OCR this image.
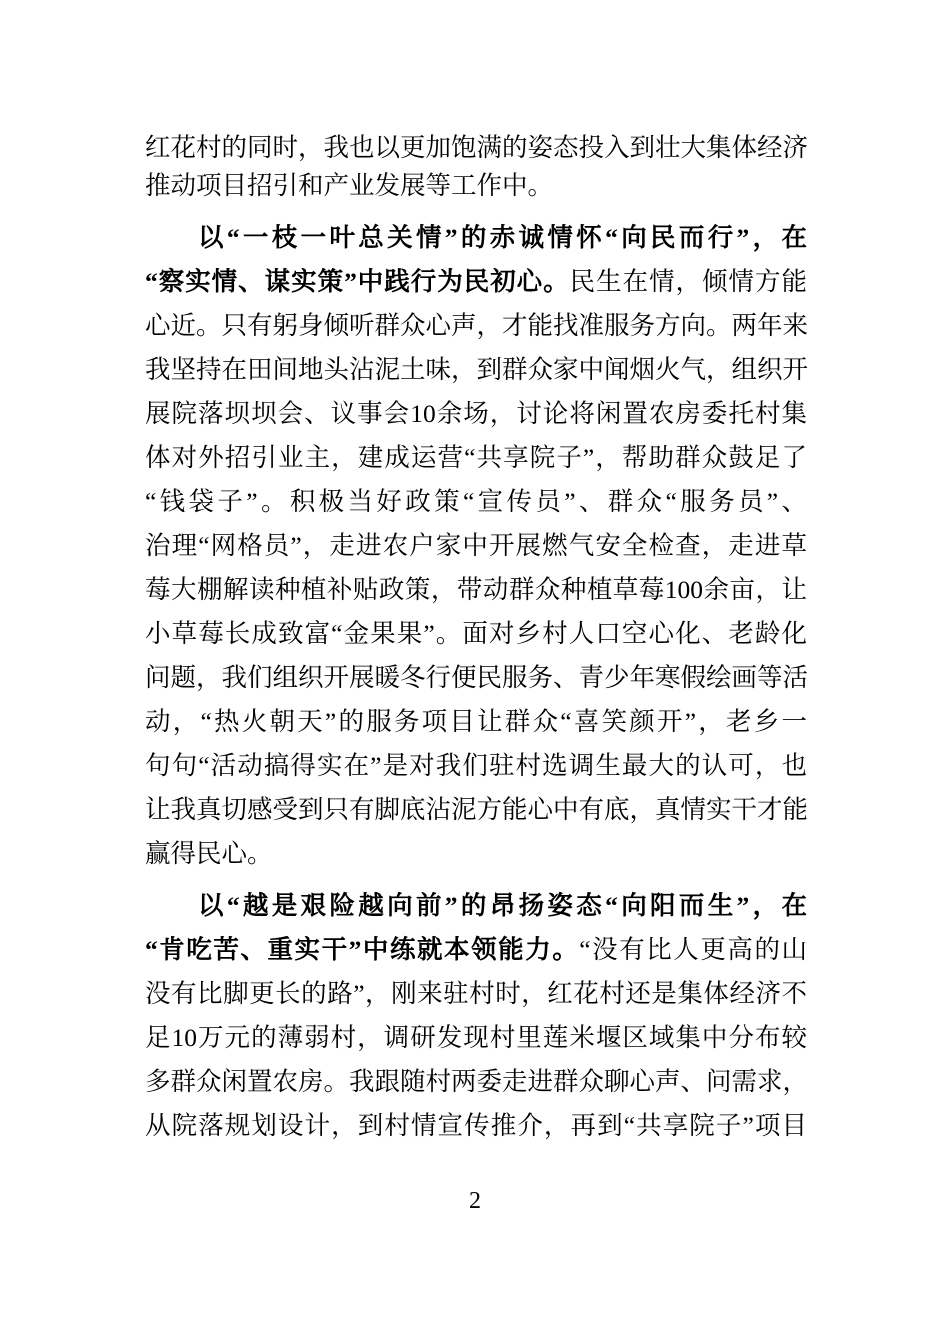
红花村的同时，我也以更加饱满的姿态投入到壮大集体经济
推动项目招引和产业发展等工作中。
以“一枝一叶总关情”的赤诚情怀“向民而行”，在
“察实情、谋实策”中践行为民初心。民生在情，倾情方能
心近。只有躬身倾听群众心声，才能找准服务方向。两年来
我坚持在田间地头沾泥土味，到群众家中闻烟火气，组织开
展院落坝坝会、议事会10余场，讨论将闲置农房委托村集
体对外招引业主，建成运营“共享院子”，帮助群众鼓足了
“钱袋子”。积极当好政策“宣传员”、群众“服务员”、
治理“网格员”，走进农户家中开展燃气安全检查，走进草
莓大棚解读种植补贴政策，带动群众种植草莓100余亩，让
小草莓长成致富“金果果”。面对乡村人口空心化、老龄化
问题，我们组织开展暖冬行便民服务、青少年寒假绘画等活
动，“热火朝天”的服务项目让群众“喜笑颜开”，老乡一
句句“活动搞得实在”是对我们驻村选调生最大的认可，也
让我真切感受到只有脚底沾泥方能心中有底，真情实干才能
赢得民心。
以“越是艰险越向前”的昂扬姿态“向阳而生”，在
“肯吃苦、重实干”中练就本领能力。“没有比人更高的山
没有比脚更长的路”，刚来驻村时，红花村还是集体经济不
足10万元的薄弱村，调研发现村里莲米堰区域集中分布较
多群众闲置农房。我跟随村两委走进群众聊心声、问需求，
从院落规划设计，到村情宣传推介，再到“共享院子”项目
2
